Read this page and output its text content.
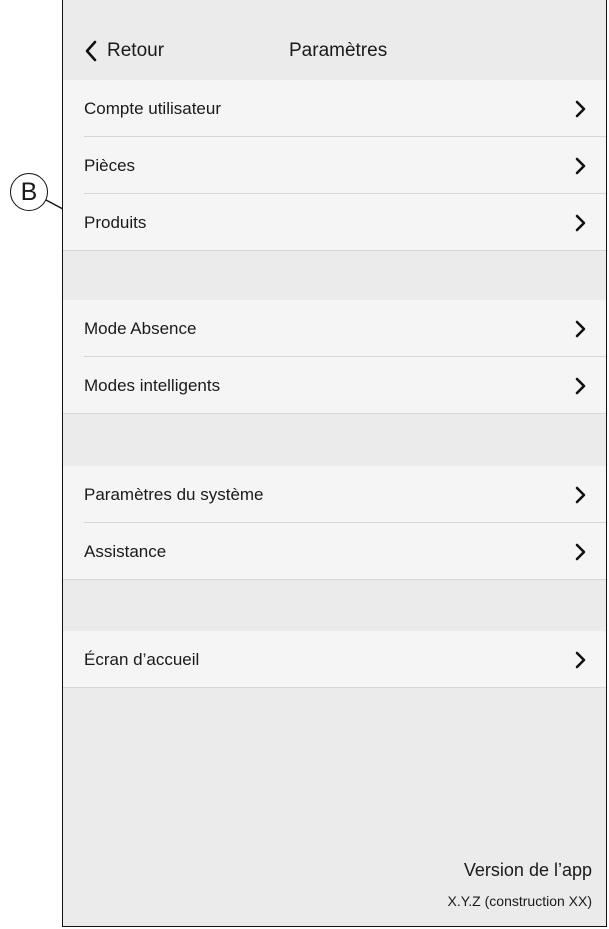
B
Retour	Paramètres
Compte utilisateur
Pièces
Produits
Mode Absence
Modes intelligents
Paramètres du système
Assistance
Écran d’accueil
Version de l’app
X.Y.Z (construction XX)
